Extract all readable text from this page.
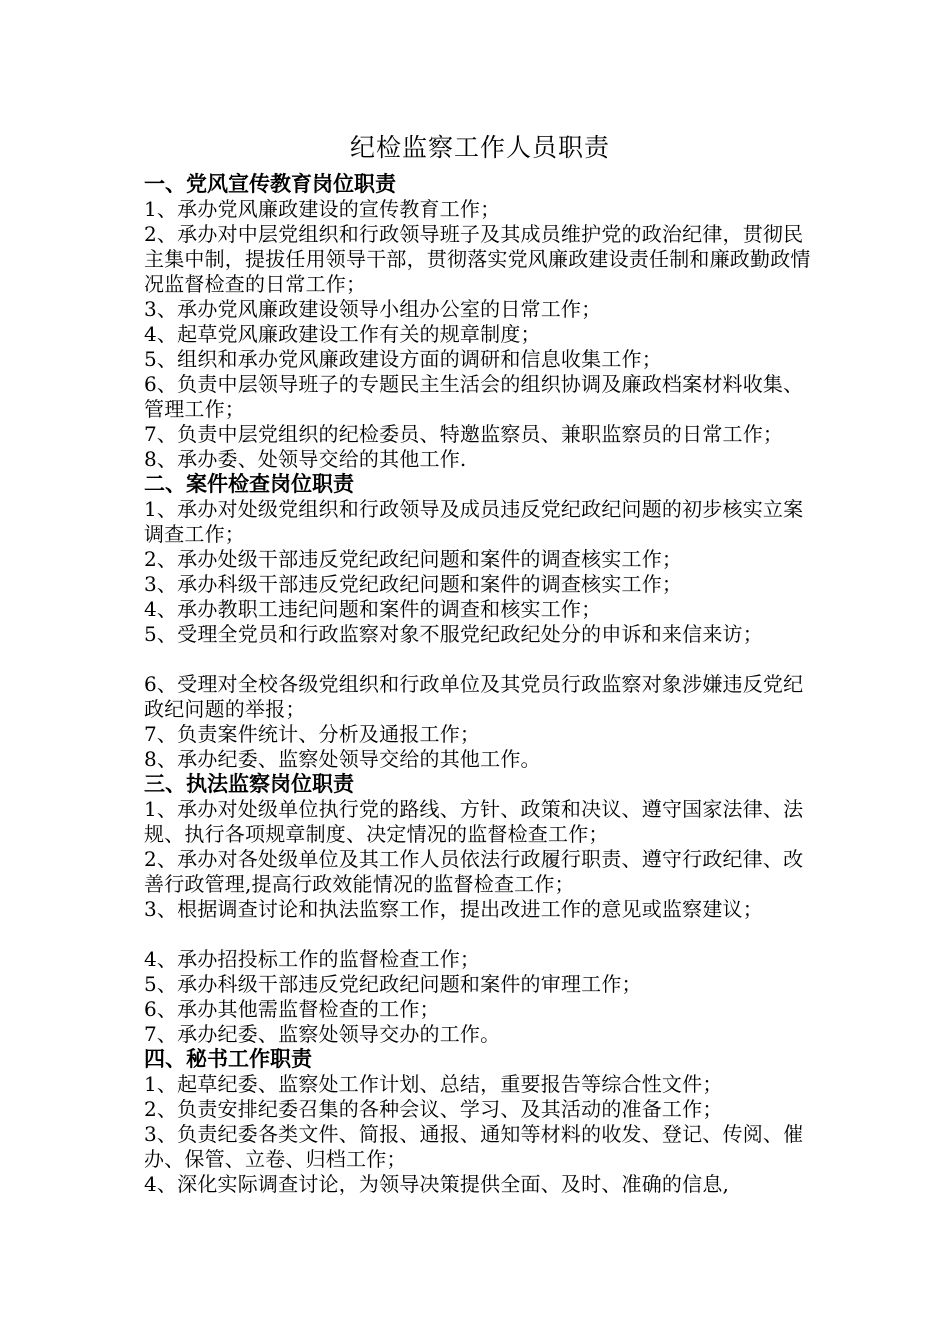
纪检监察工作人员职责
一、党风宣传教育岗位职责

1、承办党风廉政建设的宣传教育工作；

2、承办对中层党组织和行政领导班子及其成员维护党的政治纪律，贯彻民主集中制，提拔任用领导干部，贯彻落实党风廉政建设责任制和廉政勤政情况监督检查的日常工作；

3、承办党风廉政建设领导小组办公室的日常工作；

4、起草党风廉政建设工作有关的规章制度；

5、组织和承办党风廉政建设方面的调研和信息收集工作；

6、负责中层领导班子的专题民主生活会的组织协调及廉政档案材料收集、管理工作；

7、负责中层党组织的纪检委员、特邀监察员、兼职监察员的日常工作；

8、承办委、处领导交给的其他工作.

二、案件检查岗位职责

1、承办对处级党组织和行政领导及成员违反党纪政纪问题的初步核实立案调查工作；

2、承办处级干部违反党纪政纪问题和案件的调查核实工作；

3、承办科级干部违反党纪政纪问题和案件的调查核实工作；

4、承办教职工违纪问题和案件的调查和核实工作；

5、受理全党员和行政监察对象不服党纪政纪处分的申诉和来信来访；

6、受理对全校各级党组织和行政单位及其党员行政监察对象涉嫌违反党纪政纪问题的举报；

7、负责案件统计、分析及通报工作；

8、承办纪委、监察处领导交给的其他工作。

三、执法监察岗位职责

1、承办对处级单位执行党的路线、方针、政策和决议、遵守国家法律、法规、执行各项规章制度、决定情况的监督检查工作；

2、承办对各处级单位及其工作人员依法行政履行职责、遵守行政纪律、改善行政管理,提高行政效能情况的监督检查工作；

3、根据调查讨论和执法监察工作，提出改进工作的意见或监察建议；

4、承办招投标工作的监督检查工作；

5、承办科级干部违反党纪政纪问题和案件的审理工作；

6、承办其他需监督检查的工作；

7、承办纪委、监察处领导交办的工作。

四、秘书工作职责

1、起草纪委、监察处工作计划、总结，重要报告等综合性文件；

2、负责安排纪委召集的各种会议、学习、及其活动的准备工作；

3、负责纪委各类文件、简报、通报、通知等材料的收发、登记、传阅、催办、保管、立卷、归档工作；

4、深化实际调查讨论，为领导决策提供全面、及时、准确的信息,
